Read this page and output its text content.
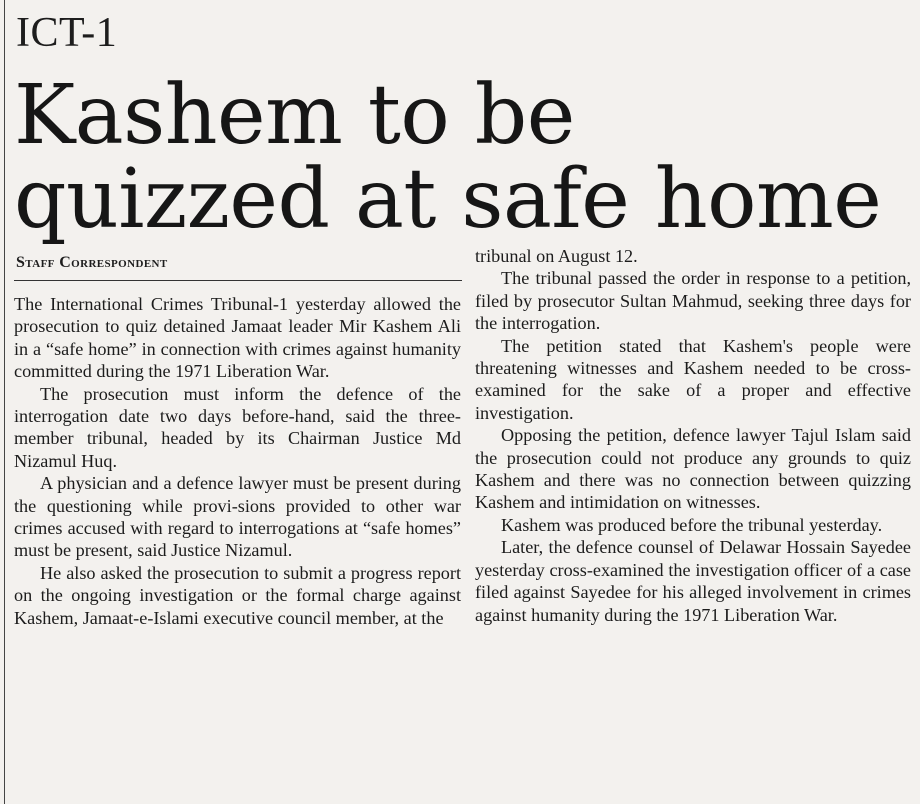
ICT-1
Kashem to be quizzed at safe home
Staff Correspondent

The International Crimes Tribunal-1 yesterday allowed the prosecution to quiz detained Jamaat leader Mir Kashem Ali in a “safe home” in connection with crimes against humanity committed during the 1971 Liberation War.

The prosecution must inform the defence of the interrogation date two days before-hand, said the three-member tribunal, headed by its Chairman Justice Md Nizamul Huq.

A physician and a defence lawyer must be present during the questioning while provi-sions provided to other war crimes accused with regard to interrogations at “safe homes” must be present, said Justice Nizamul.

He also asked the prosecution to submit a progress report on the ongoing investigation or the formal charge against Kashem, Jamaat-e-Islami executive council member, at the

tribunal on August 12.

The tribunal passed the order in response to a petition, filed by prosecutor Sultan Mahmud, seeking three days for the interrogation.

The petition stated that Kashem's people were threatening witnesses and Kashem needed to be cross-examined for the sake of a proper and effective investigation.

Opposing the petition, defence lawyer Tajul Islam said the prosecution could not produce any grounds to quiz Kashem and there was no connection between quizzing Kashem and intimidation on witnesses.

Kashem was produced before the tribunal yesterday.

Later, the defence counsel of Delawar Hossain Sayedee yesterday cross-examined the investigation officer of a case filed against Sayedee for his alleged involvement in crimes against humanity during the 1971 Liberation War.
